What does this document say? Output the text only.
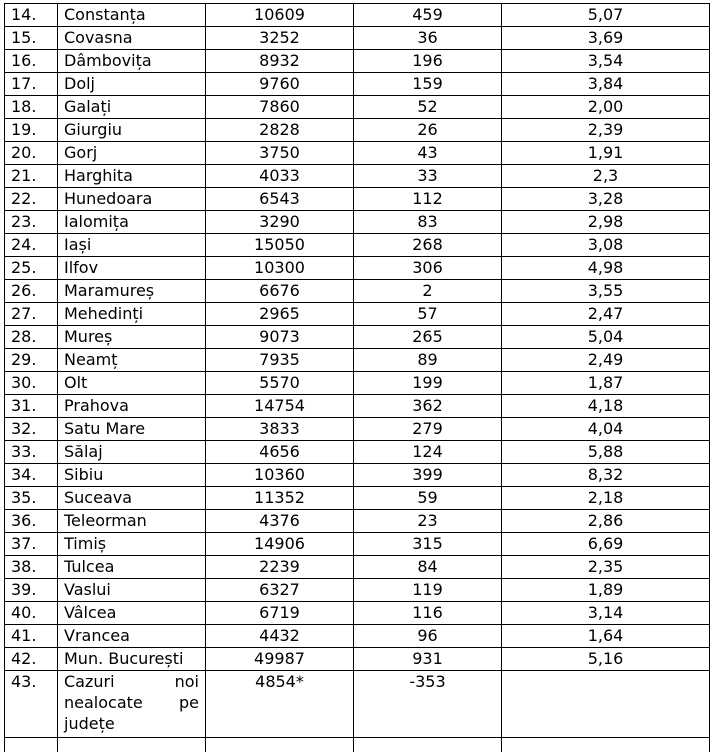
14.	Constanța	10609	459	5,07
15.	Covasna	3252	36	3,69
16.	Dâmbovița	8932	196	3,54
17.	Dolj	9760	159	3,84
18.	Galați	7860	52	2,00
19.	Giurgiu	2828	26	2,39
20.	Gorj	3750	43	1,91
21.	Harghita	4033	33	2,3
22.	Hunedoara	6543	112	3,28
23.	Ialomița	3290	83	2,98
24.	Iași	15050	268	3,08
25.	Ilfov	10300	306	4,98
26.	Maramureș	6676	2	3,55
27.	Mehedinți	2965	57	2,47
28.	Mureș	9073	265	5,04
29.	Neamț	7935	89	2,49
30.	Olt	5570	199	1,87
31.	Prahova	14754	362	4,18
32.	Satu Mare	3833	279	4,04
33.	Sălaj	4656	124	5,88
34.	Sibiu	10360	399	8,32
35.	Suceava	11352	59	2,18
36.	Teleorman	4376	23	2,86
37.	Timiș	14906	315	6,69
38.	Tulcea	2239	84	2,35
39.	Vaslui	6327	119	1,89
40.	Vâlcea	6719	116	3,14
41.	Vrancea	4432	96	1,64
42.	Mun. București	49987	931	5,16
43.	Cazuri noi nealocate pe județe	4854*	-353	
